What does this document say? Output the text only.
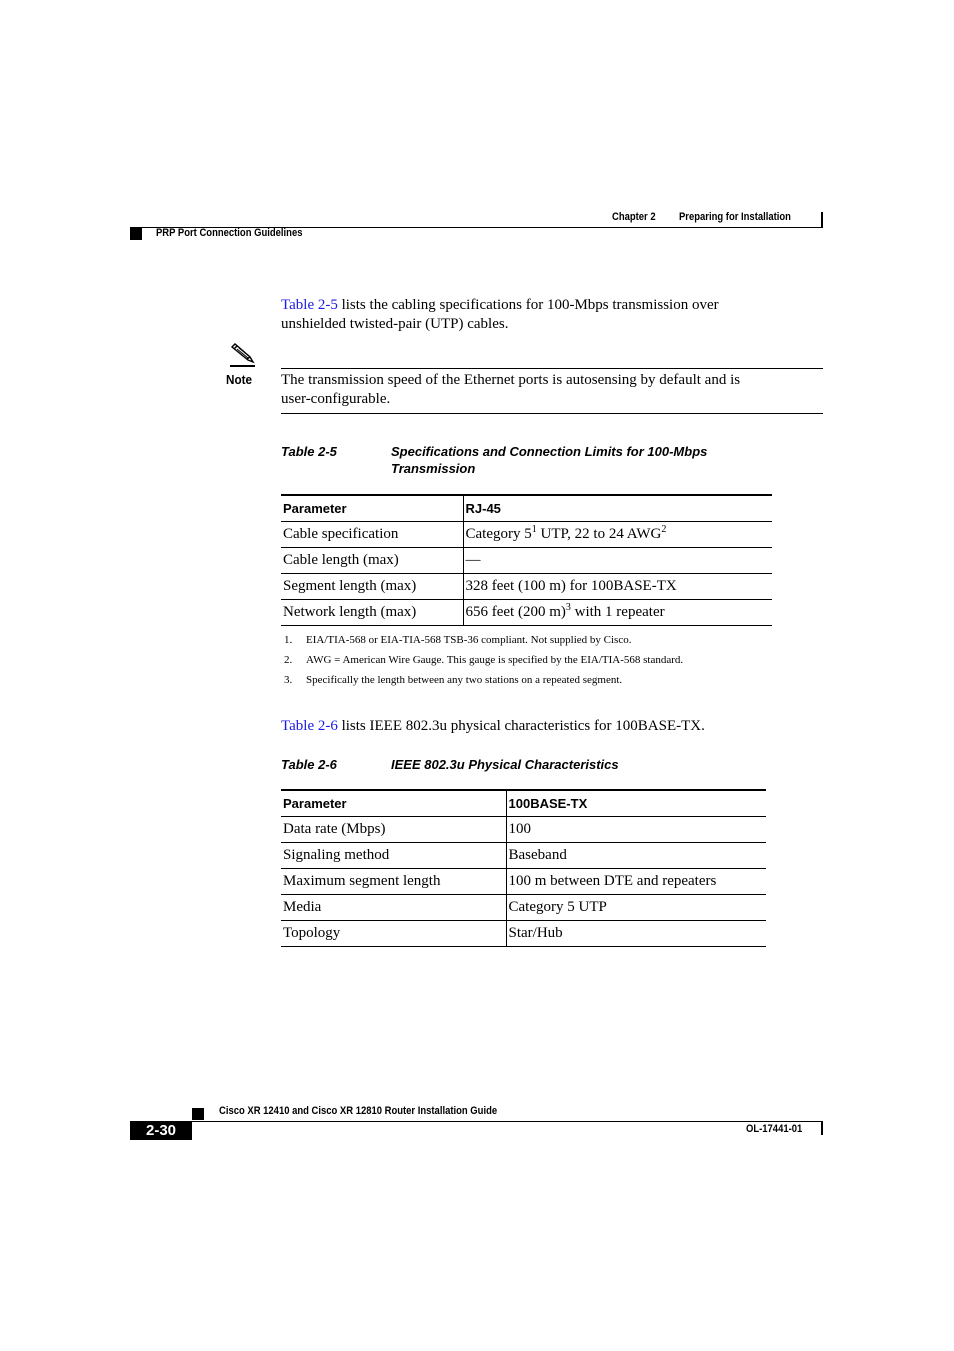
Chapter 2 Preparing for Installation
PRP Port Connection Guidelines
Table 2-5 lists the cabling specifications for 100-Mbps transmission over
unshielded twisted-pair (UTP) cables.
Note The transmission speed of the Ethernet ports is autosensing by default and is
user-configurable.
Table 2-5	Specifications and Connection Limits for 100-Mbps
Transmission
Parameter	RJ-45
Cable specification	Category $5^1$ UTP, 22 to 24 AWG$^2$
Cable length (max)	—
Segment length (max)	328 feet (100 m) for 100BASE-TX
Network length (max)	656 feet (200 m)$^3$ with 1 repeater
1. EIA/TIA-568 or EIA-TIA-568 TSB-36 compliant. Not supplied by Cisco.
2. AWG = American Wire Gauge. This gauge is specified by the EIA/TIA-568 standard.
3. Specifically the length between any two stations on a repeated segment.
Table 2-6 lists IEEE 802.3u physical characteristics for 100BASE-TX.
Table 2-6	IEEE 802.3u Physical Characteristics
Parameter	100BASE-TX
Data rate (Mbps)	100
Signaling method	Baseband
Maximum segment length	100 m between DTE and repeaters
Media	Category 5 UTP
Topology	Star/Hub
Cisco XR 12410 and Cisco XR 12810 Router Installation Guide
2-30	OL-17441-01
